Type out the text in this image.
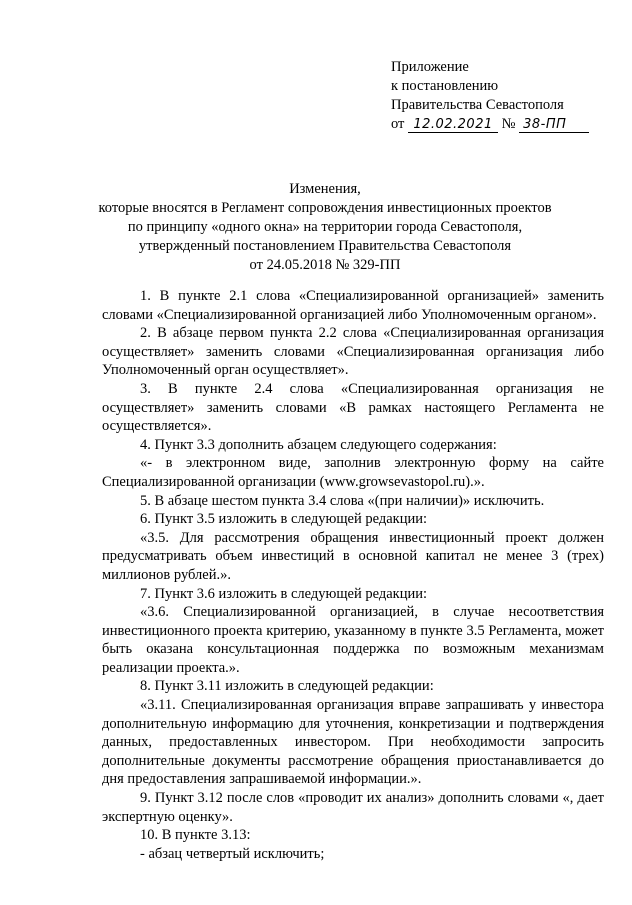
Приложение
к постановлению
Правительства Севастополя
от 12.02.2021 № 38-ПП
Изменения,
которые вносятся в Регламент сопровождения инвестиционных проектов
по принципу «одного окна» на территории города Севастополя,
утвержденный постановлением Правительства Севастополя
от 24.05.2018 № 329-ПП

1. В пункте 2.1 слова «Специализированной организацией» заменить словами «Специализированной организацией либо Уполномоченным органом».

2. В абзаце первом пункта 2.2 слова «Специализированная организация осуществляет» заменить словами «Специализированная организация либо Уполномоченный орган осуществляет».

3. В пункте 2.4 слова «Специализированная организация не осуществляет» заменить словами «В рамках настоящего Регламента не осуществляется».

4. Пункт 3.3 дополнить абзацем следующего содержания:

«- в электронном виде, заполнив электронную форму на сайте Специализированной организации (www.growsevastopol.ru).».

5. В абзаце шестом пункта 3.4 слова «(при наличии)» исключить.

6. Пункт 3.5 изложить в следующей редакции:

«3.5. Для рассмотрения обращения инвестиционный проект должен предусматривать объем инвестиций в основной капитал не менее 3 (трех) миллионов рублей.».

7. Пункт 3.6 изложить в следующей редакции:

«3.6. Специализированной организацией, в случае несоответствия инвестиционного проекта критерию, указанному в пункте 3.5 Регламента, может быть оказана консультационная поддержка по возможным механизмам реализации проекта.».

8. Пункт 3.11 изложить в следующей редакции:

«3.11. Специализированная организация вправе запрашивать у инвестора дополнительную информацию для уточнения, конкретизации и подтверждения данных, предоставленных инвестором. При необходимости запросить дополнительные документы рассмотрение обращения приостанавливается до дня предоставления запрашиваемой информации.».

9. Пункт 3.12 после слов «проводит их анализ» дополнить словами «, дает экспертную оценку».

10. В пункте 3.13:

- абзац четвертый исключить;
